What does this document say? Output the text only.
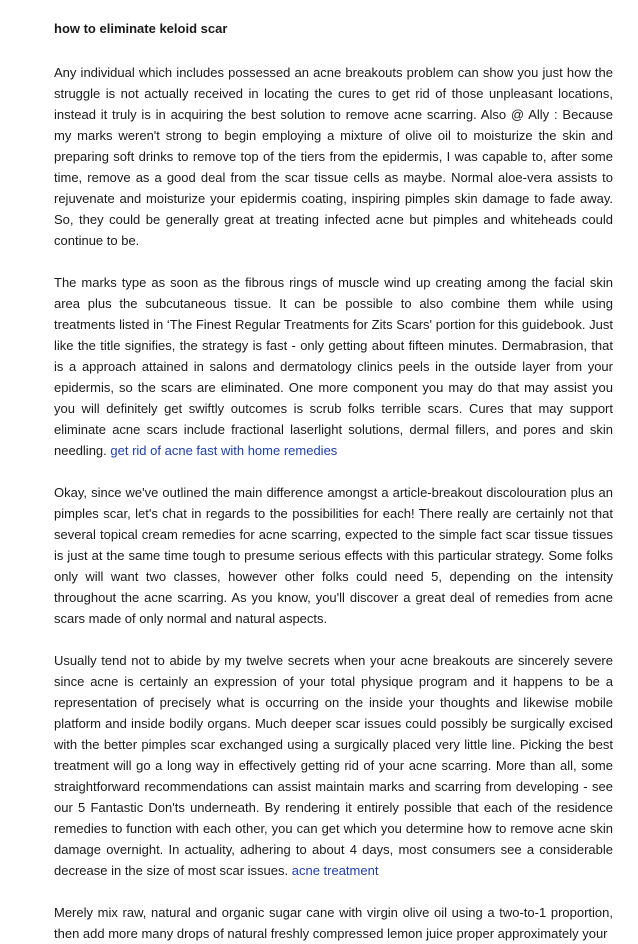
how to eliminate keloid scar

Any individual which includes possessed an acne breakouts problem can show you just how the struggle is not actually received in locating the cures to get rid of those unpleasant locations, instead it truly is in acquiring the best solution to remove acne scarring. Also @ Ally : Because my marks weren't strong to begin employing a mixture of olive oil to moisturize the skin and preparing soft drinks to remove top of the tiers from the epidermis, I was capable to, after some time, remove as a good deal from the scar tissue cells as maybe. Normal aloe-vera assists to rejuvenate and moisturize your epidermis coating, inspiring pimples skin damage to fade away. So, they could be generally great at treating infected acne but pimples and whiteheads could continue to be.

The marks type as soon as the fibrous rings of muscle wind up creating among the facial skin area plus the subcutaneous tissue. It can be possible to also combine them while using treatments listed in ‘The Finest Regular Treatments for Zits Scars' portion for this guidebook. Just like the title signifies, the strategy is fast - only getting about fifteen minutes. Dermabrasion, that is a approach attained in salons and dermatology clinics peels in the outside layer from your epidermis, so the scars are eliminated. One more component you may do that may assist you you will definitely get swiftly outcomes is scrub folks terrible scars. Cures that may support eliminate acne scars include fractional laserlight solutions, dermal fillers, and pores and skin needling. get rid of acne fast with home remedies

Okay, since we've outlined the main difference amongst a article-breakout discolouration plus an pimples scar, let's chat in regards to the possibilities for each! There really are certainly not that several topical cream remedies for acne scarring, expected to the simple fact scar tissue tissues is just at the same time tough to presume serious effects with this particular strategy. Some folks only will want two classes, however other folks could need 5, depending on the intensity throughout the acne scarring. As you know, you'll discover a great deal of remedies from acne scars made of only normal and natural aspects.

Usually tend not to abide by my twelve secrets when your acne breakouts are sincerely severe since acne is certainly an expression of your total physique program and it happens to be a representation of precisely what is occurring on the inside your thoughts and likewise mobile platform and inside bodily organs. Much deeper scar issues could possibly be surgically excised with the better pimples scar exchanged using a surgically placed very little line. Picking the best treatment will go a long way in effectively getting rid of your acne scarring. More than all, some straightforward recommendations can assist maintain marks and scarring from developing - see our 5 Fantastic Don'ts underneath. By rendering it entirely possible that each of the residence remedies to function with each other, you can get which you determine how to remove acne skin damage overnight. In actuality, adhering to about 4 days, most consumers see a considerable decrease in the size of most scar issues. acne treatment

Merely mix raw, natural and organic sugar cane with virgin olive oil using a two-to-1 proportion, then add more many drops of natural freshly compressed lemon juice proper approximately your
